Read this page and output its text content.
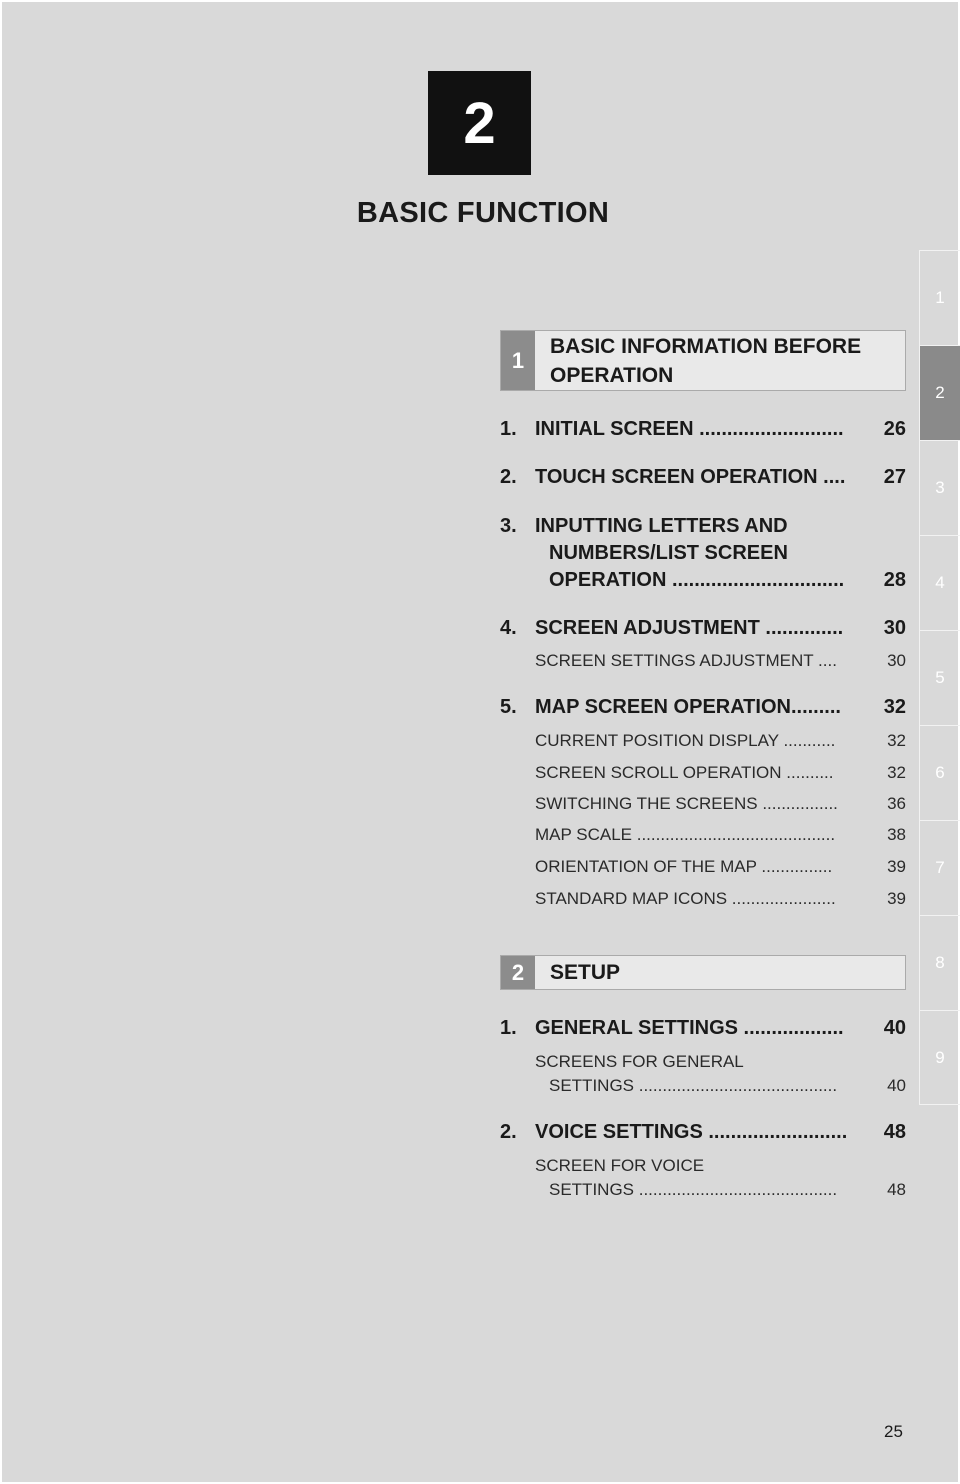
2
BASIC FUNCTION
1
2
3
4
5
6
7
8
9
1
BASIC INFORMATION BEFORE
OPERATION
1. INITIAL SCREEN ..........................	26
2. TOUCH SCREEN OPERATION ....	27
3. INPUTTING LETTERS AND
NUMBERS/LIST SCREEN
OPERATION ...............................	28
4. SCREEN ADJUSTMENT ..............	30
SCREEN SETTINGS ADJUSTMENT ....	30
5. MAP SCREEN OPERATION.........	32
CURRENT POSITION DISPLAY ...........	32
SCREEN SCROLL OPERATION ..........	32
SWITCHING THE SCREENS ................	36
MAP SCALE ..........................................	38
ORIENTATION OF THE MAP ...............	39
STANDARD MAP ICONS ......................	39
2	SETUP
1. GENERAL SETTINGS ..................	40
SCREENS FOR GENERAL
SETTINGS ..........................................	40
2. VOICE SETTINGS .........................	48
SCREEN FOR VOICE
SETTINGS ..........................................	48
25
